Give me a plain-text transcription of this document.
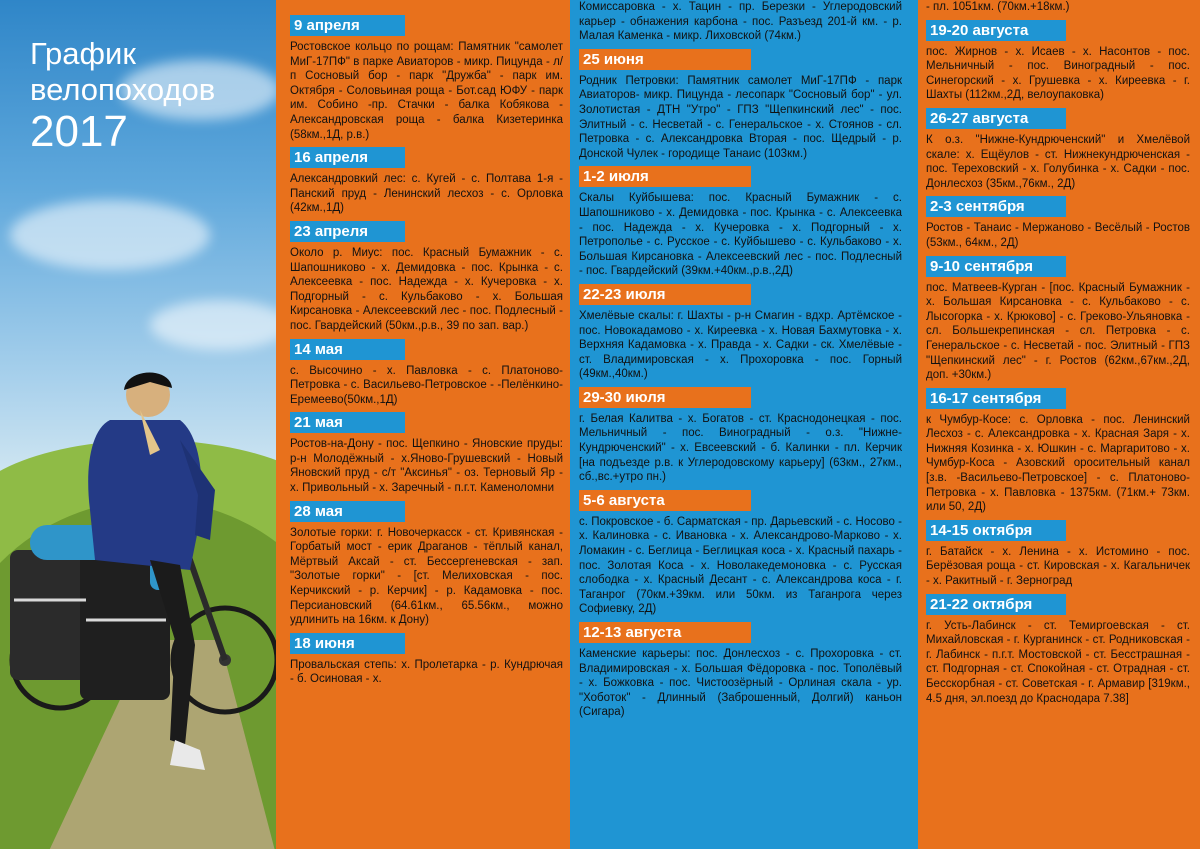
График
велопоходов
2017
9 апреля
Ростовское кольцо по рощам: Памятник "самолет МиГ-17ПФ" в парке Авиаторов - микр. Пицунда - л/п Сосновый бор - парк "Дружба" - парк им. Октября - Соловьиная роща - Бот.сад ЮФУ - парк им. Собино -пр. Стачки - балка Кобякова - Александровская роща - балка Кизетеринка (58км.,1Д, р.в.)
16 апреля
Александровкий лес: с. Кугей - с. Полтава 1-я - Панский пруд - Ленинский лесхоз - с. Орловка (42км.,1Д)
23 апреля
Около р. Миус: пос. Красный Бумажник - с. Шапошниково - х. Демидовка - пос. Крынка - с. Алексеевка - пос. Надежда - х. Кучеровка - х. Подгорный - с. Кульбаково - х. Большая Кирсановка - Алексеевский лес - пос. Подлесный - пос. Гвардейский (50км.,р.в., 39 по зап. вар.)
14 мая
с. Высочино - х. Павловка - с. Платоново-Петровка - с. Васильево-Петровское - -Пелёнкино-Еремеево(50км.,1Д)
21 мая
Ростов-на-Дону - пос. Щепкино - Яновские пруды: р-н Молодёжный - х.Яново-Грушевский - Новый Яновский пруд - с/т "Аксинья" - оз. Терновый Яр - х. Привольный - х. Заречный - п.г.т. Каменоломни
28 мая
Золотые горки: г. Новочеркасск - ст. Кривянская - Горбатый мост - ерик Драганов - тёплый канал, Мёртвый Аксай - ст. Бессергеневская - зап. "Золотые горки" - [ст. Мелиховская - пос. Керчикский - р. Керчик] - р. Кадамовка - пос. Персиановский (64.61км., 65.56км., можно удлинить на 16км. к Дону)
18 июня
Провальская степь: х. Пролетарка - р. Кундрючая - б. Осиновая - х.
Комиссаровка - х. Тацин - пр. Березки - Углеродовский карьер - обнажения карбона - пос. Разъезд 201-й км. - р. Малая Каменка - микр. Лиховской (74км.)
25 июня
Родник Петровки: Памятник самолет МиГ-17ПФ - парк Авиаторов- микр. Пицунда - лесопарк "Сосновый бор" - ул. Золотистая - ДТН "Утро" - ГПЗ "Щепкинский лес" - пос. Элитный - с. Несветай - с. Генеральское - х. Стоянов - сл. Петровка - с. Александровка Вторая - пос. Щедрый - р. Донской Чулек - городище Танаис (103км.)
1-2 июля
Скалы Куйбышева: пос. Красный Бумажник - с. Шапошниково - х. Демидовка - пос. Крынка - с. Алексеевка - пос. Надежда - х. Кучеровка - х. Подгорный - х. Петрополье - с. Русское - с. Куйбышево - с. Кульбаково - х. Большая Кирсановка - Алексеевский лес - пос. Подлесный - пос. Гвардейский (39км.+40км.,р.в.,2Д)
22-23 июля
Хмелёвые скалы: г. Шахты - р-н Смагин - вдхр. Артёмское - пос. Новокадамово - х. Киреевка - х. Новая Бахмутовка - х. Верхняя Кадамовка - х. Правда - х. Садки - ск. Хмелёвые - ст. Владимировская - х. Прохоровка - пос. Горный (49км.,40км.)
29-30 июля
г. Белая Калитва - х. Богатов - ст. Краснодонецкая - пос. Мельничный - пос. Виноградный - о.з. "Нижне-Кундрюченский" - х. Евсеевский - б. Калинки - пл. Керчик [на подъезде р.в. к Углеродовскому карьеру] (63км., 27км., сб.,вс.+утро пн.)
5-6 августа
с. Покровское - б. Сарматская - пр. Дарьевский - с. Носово - х. Калиновка - с. Ивановка - х. Александрово-Марково - х. Ломакин - с. Беглица - Беглицкая коса - х. Красный пахарь - пос. Золотая Коса - х. Новолакедемоновка - с. Русская слободка - х. Красный Десант - с. Александрова коса - г. Таганрог (70км.+39км. или 50км. из Таганрога через Софиевку, 2Д)
12-13 августа
Каменские карьеры: пос. Донлесхоз - с. Прохоровка - ст. Владимировская - х. Большая Фёдоровка - пос. Тополёвый - х. Божковка - пос. Чистоозёрный - Орлиная скала - ур. "Хоботок" - Длинный (Заброшенный, Долгий) каньон (Сигара)
- пл. 1051км. (70км.+18км.)
19-20 августа
пос. Жирнов - х. Исаев - х. Насонтов - пос. Мельничный - пос. Виноградный - пос. Синегорский - х. Грушевка - х. Киреевка - г. Шахты (112км.,2Д, велоупаковка)
26-27 августа
К о.з. "Нижне-Кундрюченский" и Хмелёвой скале: х. Ещёулов - ст. Нижнекундрюченская - пос. Тереховский - х. Голубинка - х. Садки - пос. Донлесхоз (35км.,76км., 2Д)
2-3 сентября
Ростов - Танаис - Мержаново - Весёлый - Ростов (53км., 64км., 2Д)
9-10 сентября
пос. Матвеев-Курган - [пос. Красный Бумажник - х. Большая Кирсановка - с. Кульбаково - с. Лысогорка - х. Крюково] - с. Греково-Ульяновка - сл. Большекрепинская - сл. Петровка - с. Генеральское - с. Несветай - пос. Элитный - ГПЗ "Щепкинский лес" - г. Ростов (62км.,67км.,2Д, доп. +30км.)
16-17 сентября
к Чумбур-Косе: с. Орловка - пос. Ленинский Лесхоз - с. Александровка - х. Красная Заря - х. Нижняя Козинка - х. Юшкин - с. Маргаритово - х. Чумбур-Коса - Азовский оросительный канал [з.в. -Васильево-Петровское] - с. Платоново-Петровка - х. Павловка - 1375км. (71км.+ 73км. или 50, 2Д)
14-15 октября
г. Батайск - х. Ленина - х. Истомино - пос. Берёзовая роща - ст. Кировская - х. Кагальничек - х. Ракитный - г. Зерноград
21-22 октября
г. Усть-Лабинск - ст. Темиргоевская - ст. Михайловская - г. Курганинск - ст. Родниковская - г. Лабинск - п.г.т. Мостовской - ст. Бесстрашная - ст. Подгорная - ст. Спокойная - ст. Отрадная - ст. Бесскорбная - ст. Советская - г. Армавир [319км., 4.5 дня, эл.поезд до Краснодара 7.38]
